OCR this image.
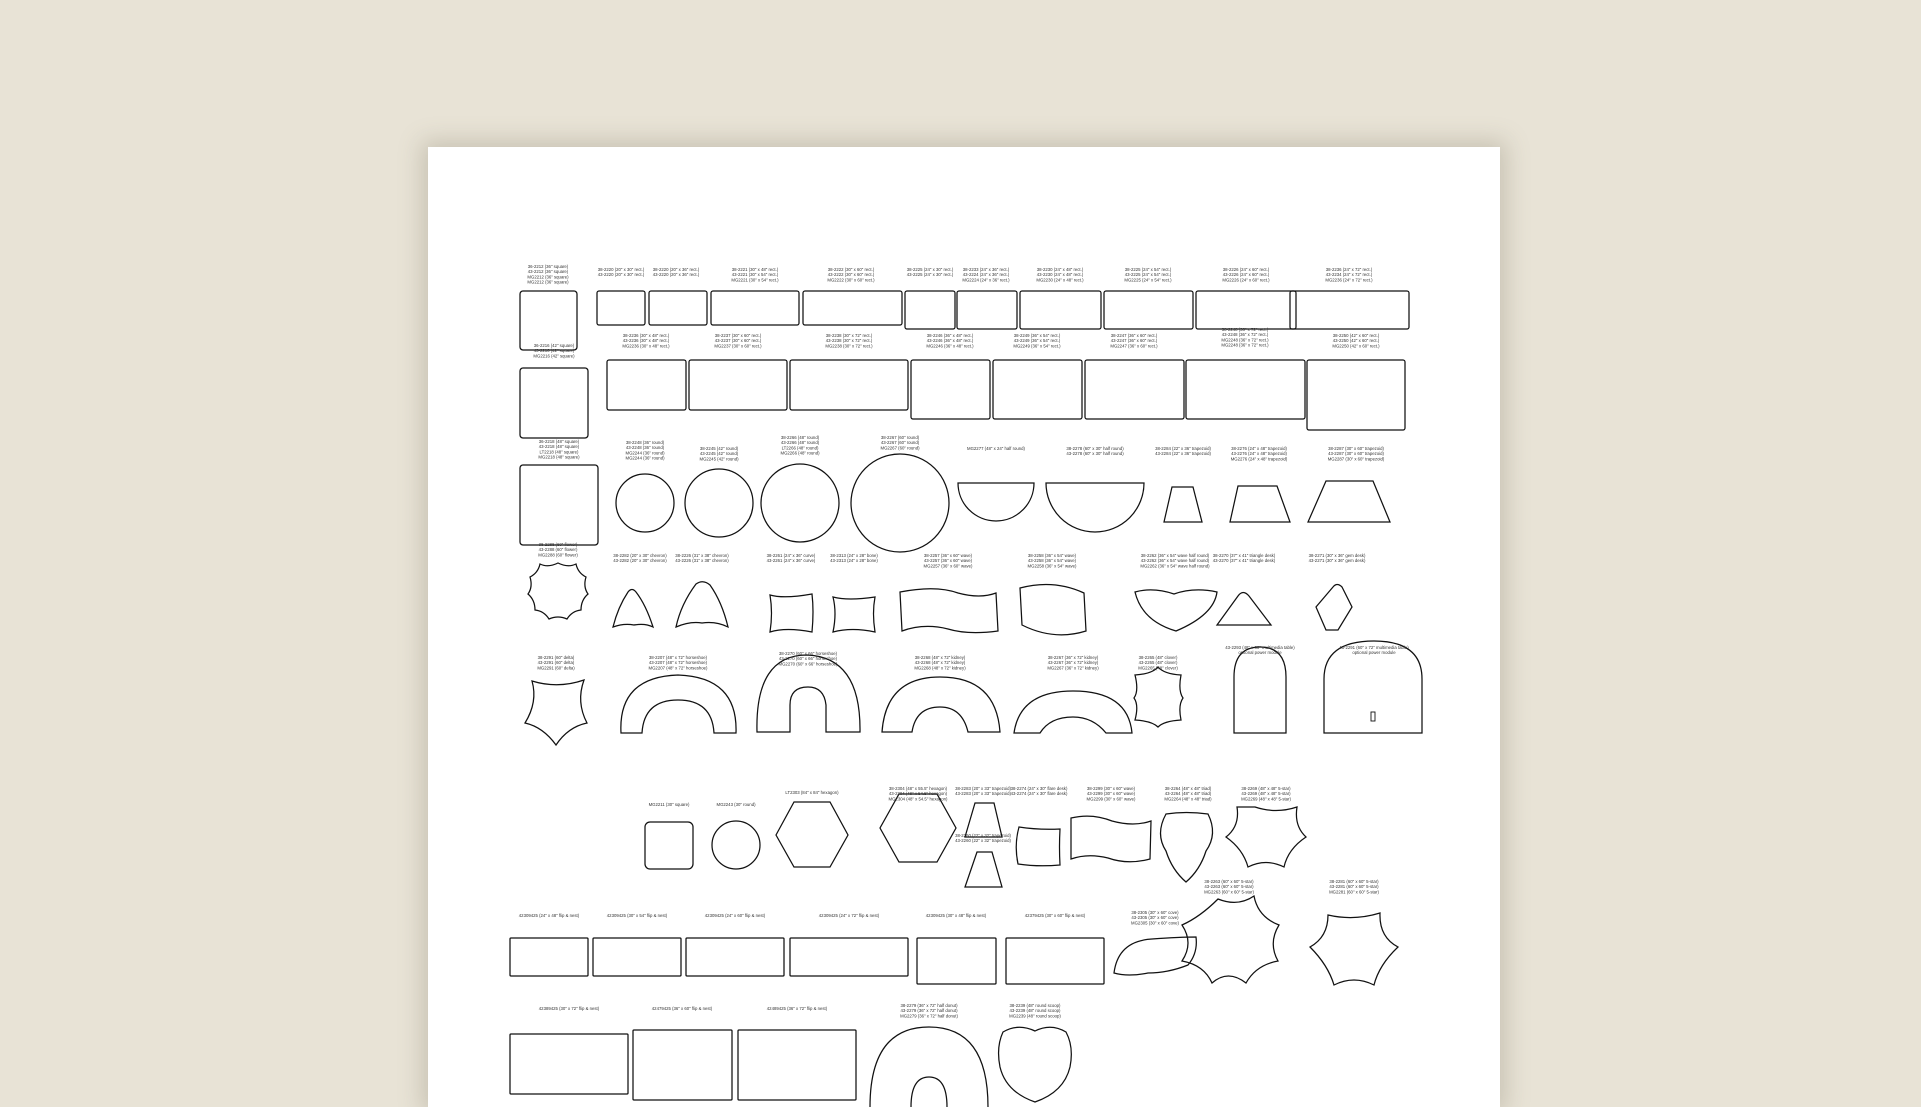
36-2212 (36" square)
43-2212 (36" square)
MG2212 (36" square)
MG2212 (36" square)
38-2220 (20" x 30" rect.)
43-2220 (20" x 30" rect.)
38-2220 (20" x 36" rect.)
43-2220 (20" x 36" rect.)
38-2221 (30" x 48" rect.)
43-2221 (30" x 54" rect.)
MG2221 (30" x 54" rect.)
38-2222 (30" x 60" rect.)
43-2222 (30" x 60" rect.)
MG2222 (30" x 60" rect.)
38-2225 (24" x 30" rect.)
43-2225 (24" x 30" rect.)
38-2233 (24" x 36" rect.)
43-2224 (24" x 36" rect.)
MG2224 (24" x 36" rect.)
38-2230 (24" x 48" rect.)
43-2230 (24" x 48" rect.)
MG2230 (24" x 48" rect.)
38-2225 (24" x 54" rect.)
43-2225 (24" x 54" rect.)
MG2225 (24" x 54" rect.)
38-2226 (24" x 60" rect.)
43-2226 (24" x 60" rect.)
MG2226 (24" x 60" rect.)
38-2236 (24" x 72" rect.)
43-2234 (24" x 72" rect.)
MG2236 (24" x 72" rect.)
36-2216 (42" square)
43-2216 (42" square)
MG2216 (42" square)
38-2236 (30" x 48" rect.)
43-2236 (30" x 48" rect.)
MG2236 (30" x 48" rect.)
38-2237 (30" x 60" rect.)
43-2237 (30" x 60" rect.)
MG2237 (30" x 60" rect.)
38-2238 (30" x 72" rect.)
43-2238 (30" x 72" rect.)
MG2238 (30" x 72" rect.)
38-2246 (36" x 48" rect.)
43-2246 (36" x 48" rect.)
MG2246 (36" x 48" rect.)
38-2249 (36" x 54" rect.)
43-2249 (36" x 54" rect.)
MG2249 (36" x 54" rect.)
38-2247 (36" x 60" rect.)
43-2247 (36" x 60" rect.)
MG2247 (36" x 60" rect.)
38-2248 (36" x 72" rect.)
43-2248 (36" x 72" rect.)
MG2248 (36" x 72" rect.)
MG2248 (36" x 72" rect.)
38-2250 (42" x 60" rect.)
43-2250 (42" x 60" rect.)
MG2250 (42" x 60" rect.)
36-2218 (48" square)
43-2218 (48" square)
LT2218 (48" square)
MG2218 (48" square)
38-2248 (36" round)
43-2248 (36" round)
MG2244 (36" round)
MG2244 (36" round)
38-2245 (42" round)
43-2245 (42" round)
MG2245 (42" round)
38-2266 (48" round)
43-2266 (48" round)
LT2266 (48" round)
MG2266 (48" round)
38-2267 (60" round)
43-2267 (60" round)
MG2267 (60" round)	MG2277 (48" x 24" half round)	38-2278 (60" x 30" half round)
43-2278 (60" x 30" half round)
38-2284 (22" x 36" trapezoid)
43-2284 (22" x 36" trapezoid)
38-2276 (24" x 48" trapezoid)
43-2276 (24" x 48" trapezoid)
MG2276 (24" x 48" trapezoid)
38-2287 (30" x 60" trapezoid)
43-2287 (30" x 60" trapezoid)
MG2287 (30" x 60" trapezoid)
38-2288 (60" flower)
43-2288 (60" flower)
MG2288 (60" flower)	38-2282 (20" x 30" chevron)
43-2282 (20" x 30" chevron)
38-2226 (31" x 38" chevron)
43-2226 (31" x 38" chevron)
38-2261 (24" x 36" curve)
43-2261 (24" x 36" curve)
38-2313 (24" x 28" bone)
43-2313 (24" x 28" bone)
38-2257 (36" x 60" wave)
43-2257 (36" x 60" wave)
MG2257 (36" x 60" wave)
38-2258 (36" x 54" wave)
43-2258 (36" x 54" wave)
MG2258 (36" x 54" wave)
38-2262 (36" x 54" wave half round)
43-2262 (36" x 54" wave half round)
MG2262 (36" x 54" wave half round)
38-2270 (37" x 41" triangle desk)
43-2270 (37" x 41" triangle desk)
38-2271 (30" x 36" gem desk)
43-2271 (30" x 36" gem desk)
38-2291 (60" delta)
43-2291 (60" delta)
MG2291 (60" delta)
38-2207 (48" x 72" horseshoe)
43-2207 (48" x 72" horseshoe)
MG2207 (48" x 72" horseshoe)
38-2270 (60" x 66" horseshoe)
43-2270 (60" x 66" horseshoe)
MG2270 (60" x 66" horseshoe)
38-2268 (48" x 72" kidney)
43-2268 (48" x 72" kidney)
MG2268 (48" x 72" kidney)
38-2267 (36" x 72" kidney)
43-2267 (36" x 72" kidney)
MG2267 (36" x 72" kidney)
38-2265 (48" clover)
43-2265 (48" clover)
MG2265 (48" clover)
43-2293 (48" x 60" multimedia table)
optional power module
43-2291 (60" x 72" multimedia table)
optional power module
MG2211 (30" square)	MG2243 (30" round)
LT2303 (84" x 84" hexagon)
38-2304 (48" x 55.5" hexagon)
43-2304 (48" x 54.5" hexagon)
MG2304 (48" x 54.5" hexagon)
38-2283 (20" x 33" trapezoid)
43-2283 (20" x 33" trapezoid)
38-2274 (24" x 30" flare desk)
43-2274 (24" x 30" flare desk)
38-2299 (30" x 60" wave)
43-2299 (30" x 60" wave)
MG2299 (30" x 60" wave)
38-2264 (48" x 48" triad)
43-2264 (48" x 48" triad)
MG2264 (48" x 48" triad)
38-2269 (48" x 48" 5-star)
43-2269 (48" x 48" 5-star)
MG2269 (48" x 48" 5-star)
38-2260 (22" x 32" trapezoid)
43-2260 (22" x 32" trapezoid)
42309425 (24" x 48" flip & nest)	42309425 (30" x 54" flip & nest)	42309425 (24" x 60" flip & nest)	42309425 (24" x 72" flip & nest)	42309425 (30" x 48" flip & nest)	42379425 (30" x 60" flip & nest)
38-2305 (30" x 60" cove)
43-2305 (30" x 60" cove)
MG2305 (30" x 60" cove)
38-2263 (60" x 60" 5-star)
43-2263 (60" x 60" 5-star)
MG2263 (60" x 60" 5-star)
38-2281 (60" x 60" 5-star)
43-2281 (60" x 60" 5-star)
MG2281 (60" x 60" 5-star)
42389425 (30" x 72" flip & nest)	42479425 (36" x 60" flip & nest)	42489425 (36" x 72" flip & nest)
38-2279 (36" x 72" half donut)
43-2279 (36" x 72" half donut)
MG2279 (36" x 72" half donut)
38-2239 (48" round scoop)
43-2239 (48" round scoop)
MG2239 (48" round scoop)
